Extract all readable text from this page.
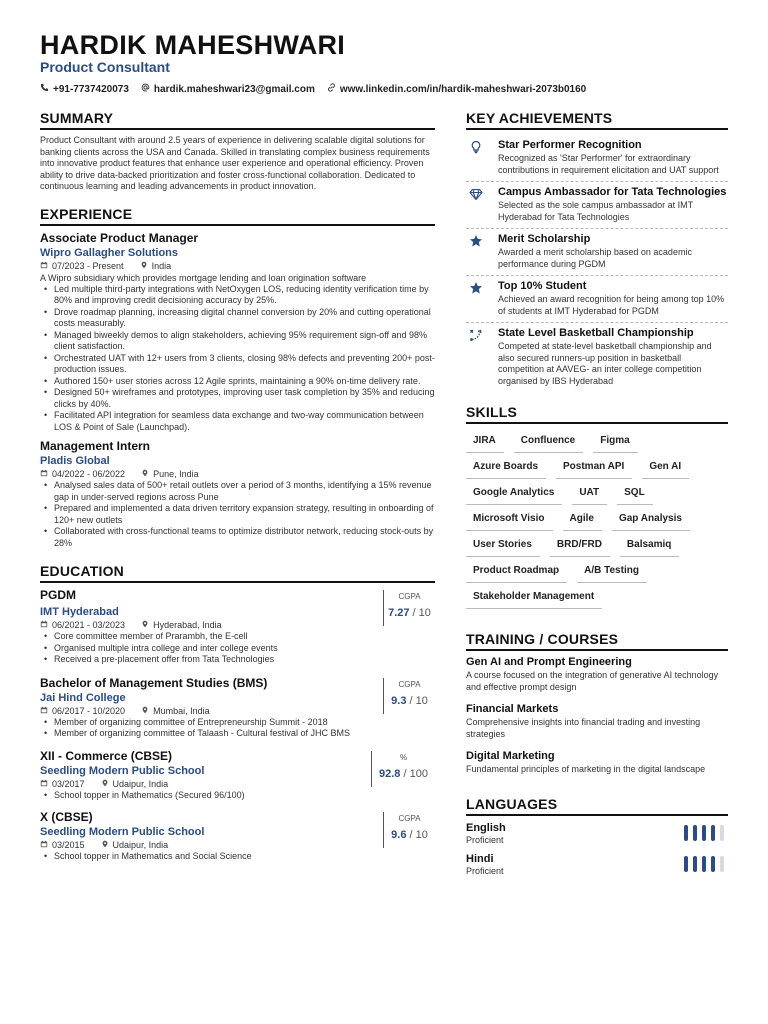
HARDIK MAHESHWARI
Product Consultant
+91-7737420073	hardik.maheshwari23@gmail.com	www.linkedin.com/in/hardik-maheshwari-2073b0160
SUMMARY
Product Consultant with around 2.5 years of experience in delivering scalable digital solutions for banking clients across the USA and Canada. Skilled in translating complex business requirements into innovative product features that enhance user experience and operational efficiency. Proven ability to drive data-backed prioritization and foster cross-functional collaboration. Dedicated to continuous learning and leading advancements in product innovation.
EXPERIENCE
Associate Product Manager
Wipro Gallagher Solutions
07/2023 - Present	India
A Wipro subsidiary which provides mortgage lending and loan origination software
• Led multiple third-party integrations with NetOxygen LOS, reducing identity verification time by 80% and improving credit decisioning accuracy by 25%.
• Drove roadmap planning, increasing digital channel conversion by 20% and cutting operational costs measurably.
• Managed biweekly demos to align stakeholders, achieving 95% requirement sign-off and 98% client satisfaction.
• Orchestrated UAT with 12+ users from 3 clients, closing 98% defects and preventing 200+ post-production issues.
• Authored 150+ user stories across 12 Agile sprints, maintaining a 90% on-time delivery rate.
• Designed 50+ wireframes and prototypes, improving user task completion by 35% and reducing clicks by 40%.
• Facilitated API integration for seamless data exchange and two-way communication between LOS & Point of Sale (Launchpad).
Management Intern
Pladis Global
04/2022 - 06/2022	Pune, India
• Analysed sales data of 500+ retail outlets over a period of 3 months, identifying a 15% revenue gap in under-served regions across Pune
• Prepared and implemented a data driven territory expansion strategy, resulting in onboarding of 120+ new outlets
• Collaborated with cross-functional teams to optimize distributor network, reducing stock-outs by 28%
EDUCATION
PGDM
IMT Hyderabad
06/2021 - 03/2023	Hyderabad, India
CGPA
7.27 / 10
• Core committee member of Prarambh, the E-cell
• Organised multiple intra college and inter college events
• Received a pre-placement offer from Tata Technologies
Bachelor of Management Studies (BMS)
Jai Hind College
06/2017 - 10/2020	Mumbai, India
CGPA
9.3 / 10
• Member of organizing committee of Entrepreneurship Summit - 2018
• Member of organizing committee of Talaash - Cultural festival of JHC BMS
XII - Commerce (CBSE)
Seedling Modern Public School
03/2017	Udaipur, India
%
92.8 / 100
• School topper in Mathematics (Secured 96/100)
X (CBSE)
Seedling Modern Public School
03/2015	Udaipur, India
CGPA
9.6 / 10
• School topper in Mathematics and Social Science
KEY ACHIEVEMENTS
Star Performer Recognition
Recognized as 'Star Performer' for extraordinary contributions in requirement elicitation and UAT support
Campus Ambassador for Tata Technologies
Selected as the sole campus ambassador at IMT Hyderabad for Tata Technologies
Merit Scholarship
Awarded a merit scholarship based on academic performance during PGDM
Top 10% Student
Achieved an award recognition for being among top 10% of students at IMT Hyderabad for PGDM
State Level Basketball Championship
Competed at state-level basketball championship and also secured runners-up position in basketball competition at AAVEG- an inter college competition organised by IBS Hyderabad
SKILLS
JIRA	Confluence	Figma
Azure Boards	Postman API	Gen AI
Google Analytics	UAT	SQL
Microsoft Visio	Agile	Gap Analysis
User Stories	BRD/FRD	Balsamiq
Product Roadmap	A/B Testing
Stakeholder Management
TRAINING / COURSES
Gen AI and Prompt Engineering
A course focused on the integration of generative AI technology and effective prompt design
Financial Markets
Comprehensive insights into financial trading and investing strategies
Digital Marketing
Fundamental principles of marketing in the digital landscape
LANGUAGES
English
Proficient
Hindi
Proficient
